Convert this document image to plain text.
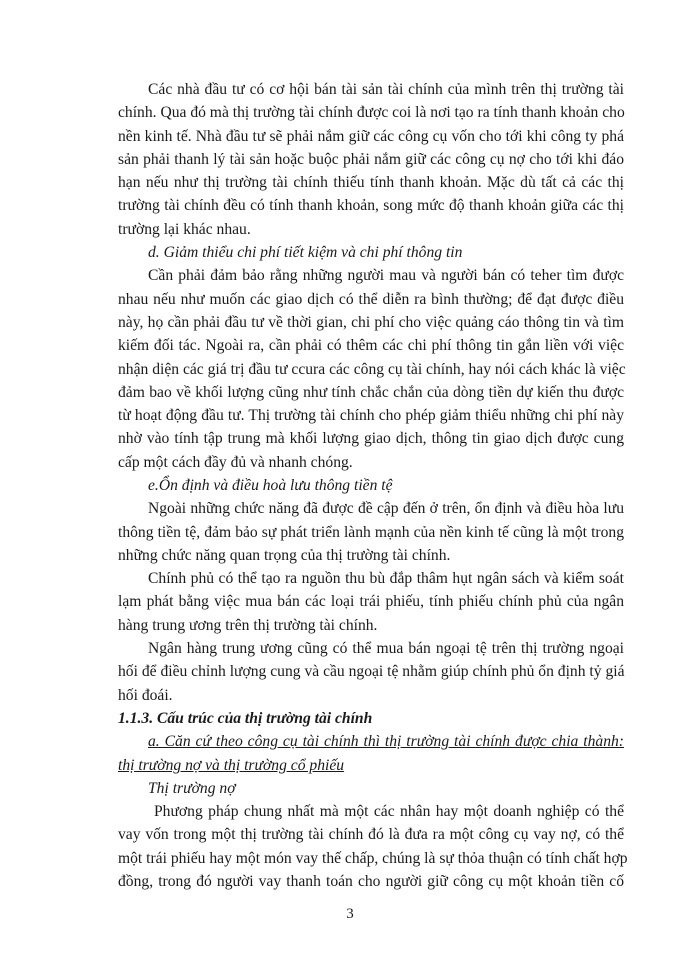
Các nhà đầu tư có cơ hội bán tài sản tài chính của mình trên thị trường tài
chính. Qua đó mà thị trường tài chính được coi là nơi tạo ra tính thanh khoản cho
nền kinh tế. Nhà đầu tư sẽ phải nắm giữ các công cụ vốn cho tới khi công ty phá
sản phải thanh lý tài sản hoặc buộc phải nắm giữ các công cụ nợ cho tới khi đáo
hạn nếu như thị trường tài chính thiếu tính thanh khoản. Mặc dù tất cả các thị
trường tài chính đều có tính thanh khoản, song mức độ thanh khoản giữa các thị
trường lại khác nhau.
d. Giảm thiểu chi phí tiết kiệm và chi phí thông tin
Cần phải đảm bảo rằng những người mau và người bán có teher tìm được
nhau nếu như muốn các giao dịch có thể diễn ra bình thường; để đạt được điều
này, họ cần phải đầu tư về thời gian, chi phí cho việc quảng cáo thông tin và tìm
kiếm đối tác. Ngoài ra, cần phải có thêm các chi phí thông tin gắn liền với việc
nhận diện các giá trị đầu tư ccura các công cụ tài chính, hay nói cách khác là việc
đảm bao về khối lượng cũng như tính chắc chắn của dòng tiền dự kiến thu được
từ hoạt động đầu tư. Thị trường tài chính cho phép giảm thiểu những chi phí này
nhờ vào tính tập trung mà khối lượng giao dịch, thông tin giao dịch được cung
cấp một cách đầy đủ và nhanh chóng.
e.Ổn định và điều hoà lưu thông tiền tệ
Ngoài những chức năng đã được đề cập đến ở trên, ổn định và điều hòa lưu
thông tiền tệ, đảm bảo sự phát triển lành mạnh của nền kinh tế cũng là một trong
những chức năng quan trọng của thị trường tài chính.
Chính phủ có thể tạo ra nguồn thu bù đắp thâm hụt ngân sách và kiểm soát
lạm phát bằng việc mua bán các loại trái phiếu, tính phiếu chính phủ của ngân
hàng trung ương trên thị trường tài chính.
Ngân hàng trung ương cũng có thể mua bán ngoại tệ trên thị trường ngoại
hối để điều chỉnh lượng cung và cầu ngoại tệ nhằm giúp chính phủ ổn định tỷ giá
hối đoái.
1.1.3. Cấu trúc của thị trường tài chính
a. Căn cứ theo công cụ tài chính thì thị trường tài chính được chia thành:
thị trường nợ và thị trường cổ phiếu
Thị trường nợ
Phương pháp chung nhất mà một các nhân hay một doanh nghiệp có thể
vay vốn trong một thị trường tài chính đó là đưa ra một công cụ vay nợ, có thể
một trái phiếu hay một món vay thế chấp, chúng là sự thỏa thuận có tính chất hợp
đồng, trong đó người vay thanh toán cho người giữ công cụ một khoản tiền cố
3
